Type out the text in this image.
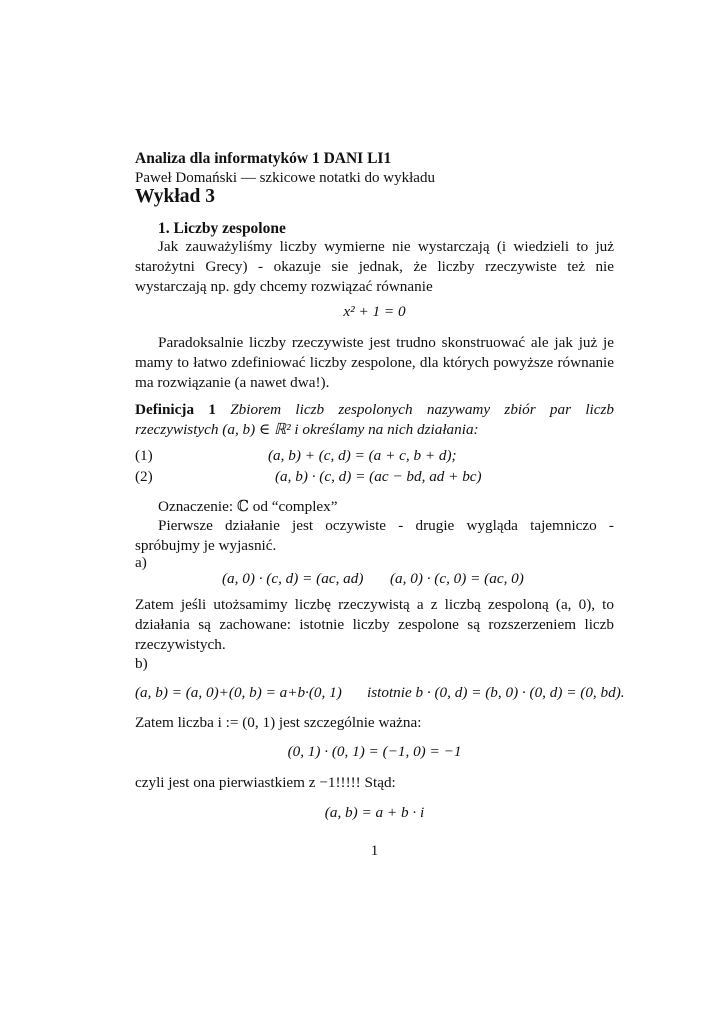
Analiza dla informatyków 1 DANI LI1
Paweł Domański — szkicowe notatki do wykładu
Wykład 3
1. Liczby zespolone
Jak zauważyliśmy liczby wymierne nie wystarczają (i wiedzieli to już starożytni Grecy) - okazuje sie jednak, że liczby rzeczywiste też nie wystarczają np. gdy chcemy rozwiązać równanie
x² + 1 = 0
Paradoksalnie liczby rzeczywiste jest trudno skonstruować ale jak już je mamy to łatwo zdefiniować liczby zespolone, dla których powyższe równanie ma rozwiązanie (a nawet dwa!).
Definicja 1 Zbiorem liczb zespolonych nazywamy zbiór par liczb rzeczywistych (a, b) ∈ ℝ² i określamy na nich działania:
(1)	(a, b) + (c, d) = (a + c, b + d);
(2)	(a, b) · (c, d) = (ac − bd, ad + bc)
Oznaczenie: ℂ od “complex”
Pierwsze działanie jest oczywiste - drugie wygląda tajemniczo - spróbujmy je wyjasnić.
a)
(a, 0) · (c, d) = (ac, ad) (a, 0) · (c, 0) = (ac, 0)
Zatem jeśli utożsamimy liczbę rzeczywistą a z liczbą zespoloną (a, 0), to działania są zachowane: istotnie liczby zespolone są rozszerzeniem liczb rzeczywistych.
b)
(a, b) = (a, 0)+(0, b) = a+b·(0, 1) istotnie b · (0, d) = (b, 0) · (0, d) = (0, bd).
Zatem liczba i := (0, 1) jest szczególnie ważna:
(0, 1) · (0, 1) = (−1, 0) = −1
czyli jest ona pierwiastkiem z −1!!!!! Stąd:
(a, b) = a + b · i
1
